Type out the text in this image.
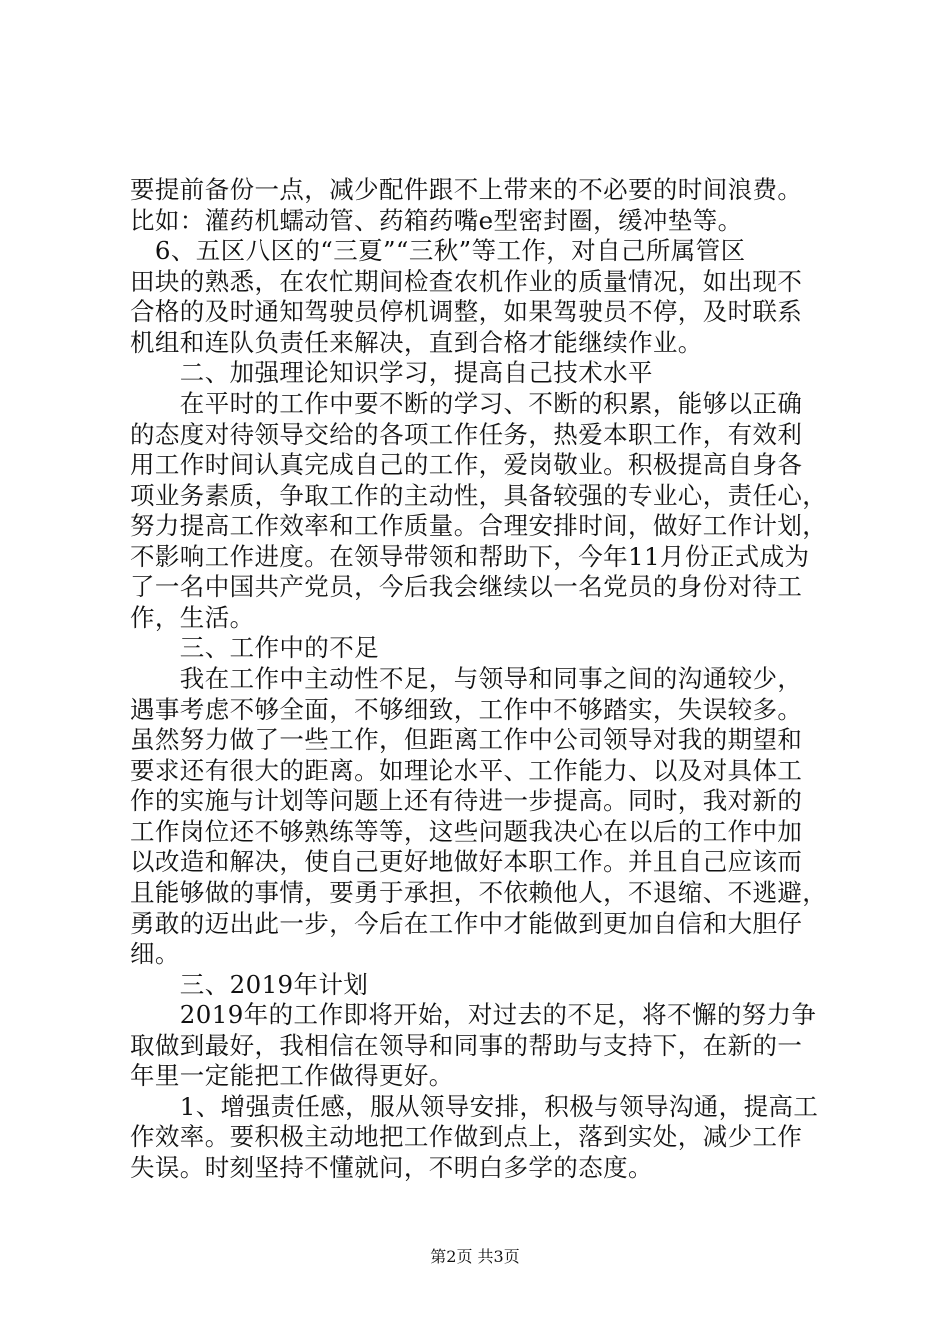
要提前备份一点，减少配件跟不上带来的不必要的时间浪费。
比如：灌药机蠕动管、药箱药嘴e型密封圈，缓冲垫等。
　6、五区八区的“三夏”“三秋”等工作，对自己所属管区
田块的熟悉，在农忙期间检查农机作业的质量情况，如出现不
合格的及时通知驾驶员停机调整，如果驾驶员不停，及时联系
机组和连队负责任来解决，直到合格才能继续作业。
　　二、加强理论知识学习，提高自己技术水平
　　在平时的工作中要不断的学习、不断的积累，能够以正确
的态度对待领导交给的各项工作任务，热爱本职工作，有效利
用工作时间认真完成自己的工作，爱岗敬业。积极提高自身各
项业务素质，争取工作的主动性，具备较强的专业心，责任心，
努力提高工作效率和工作质量。合理安排时间，做好工作计划，
不影响工作进度。在领导带领和帮助下，今年11月份正式成为
了一名中国共产党员，今后我会继续以一名党员的身份对待工
作，生活。
　　三、工作中的不足
　　我在工作中主动性不足，与领导和同事之间的沟通较少，
遇事考虑不够全面，不够细致，工作中不够踏实，失误较多。
虽然努力做了一些工作，但距离工作中公司领导对我的期望和
要求还有很大的距离。如理论水平、工作能力、以及对具体工
作的实施与计划等问题上还有待进一步提高。同时，我对新的
工作岗位还不够熟练等等，这些问题我决心在以后的工作中加
以改造和解决，使自己更好地做好本职工作。并且自己应该而
且能够做的事情，要勇于承担，不依赖他人，不退缩、不逃避，
勇敢的迈出此一步，今后在工作中才能做到更加自信和大胆仔
细。
　　三、2019年计划
　　2019年的工作即将开始，对过去的不足，将不懈的努力争
取做到最好，我相信在领导和同事的帮助与支持下，在新的一
年里一定能把工作做得更好。
　　1、增强责任感，服从领导安排，积极与领导沟通，提高工
作效率。要积极主动地把工作做到点上，落到实处，减少工作
失误。时刻坚持不懂就问，不明白多学的态度。
第2页 共3页
